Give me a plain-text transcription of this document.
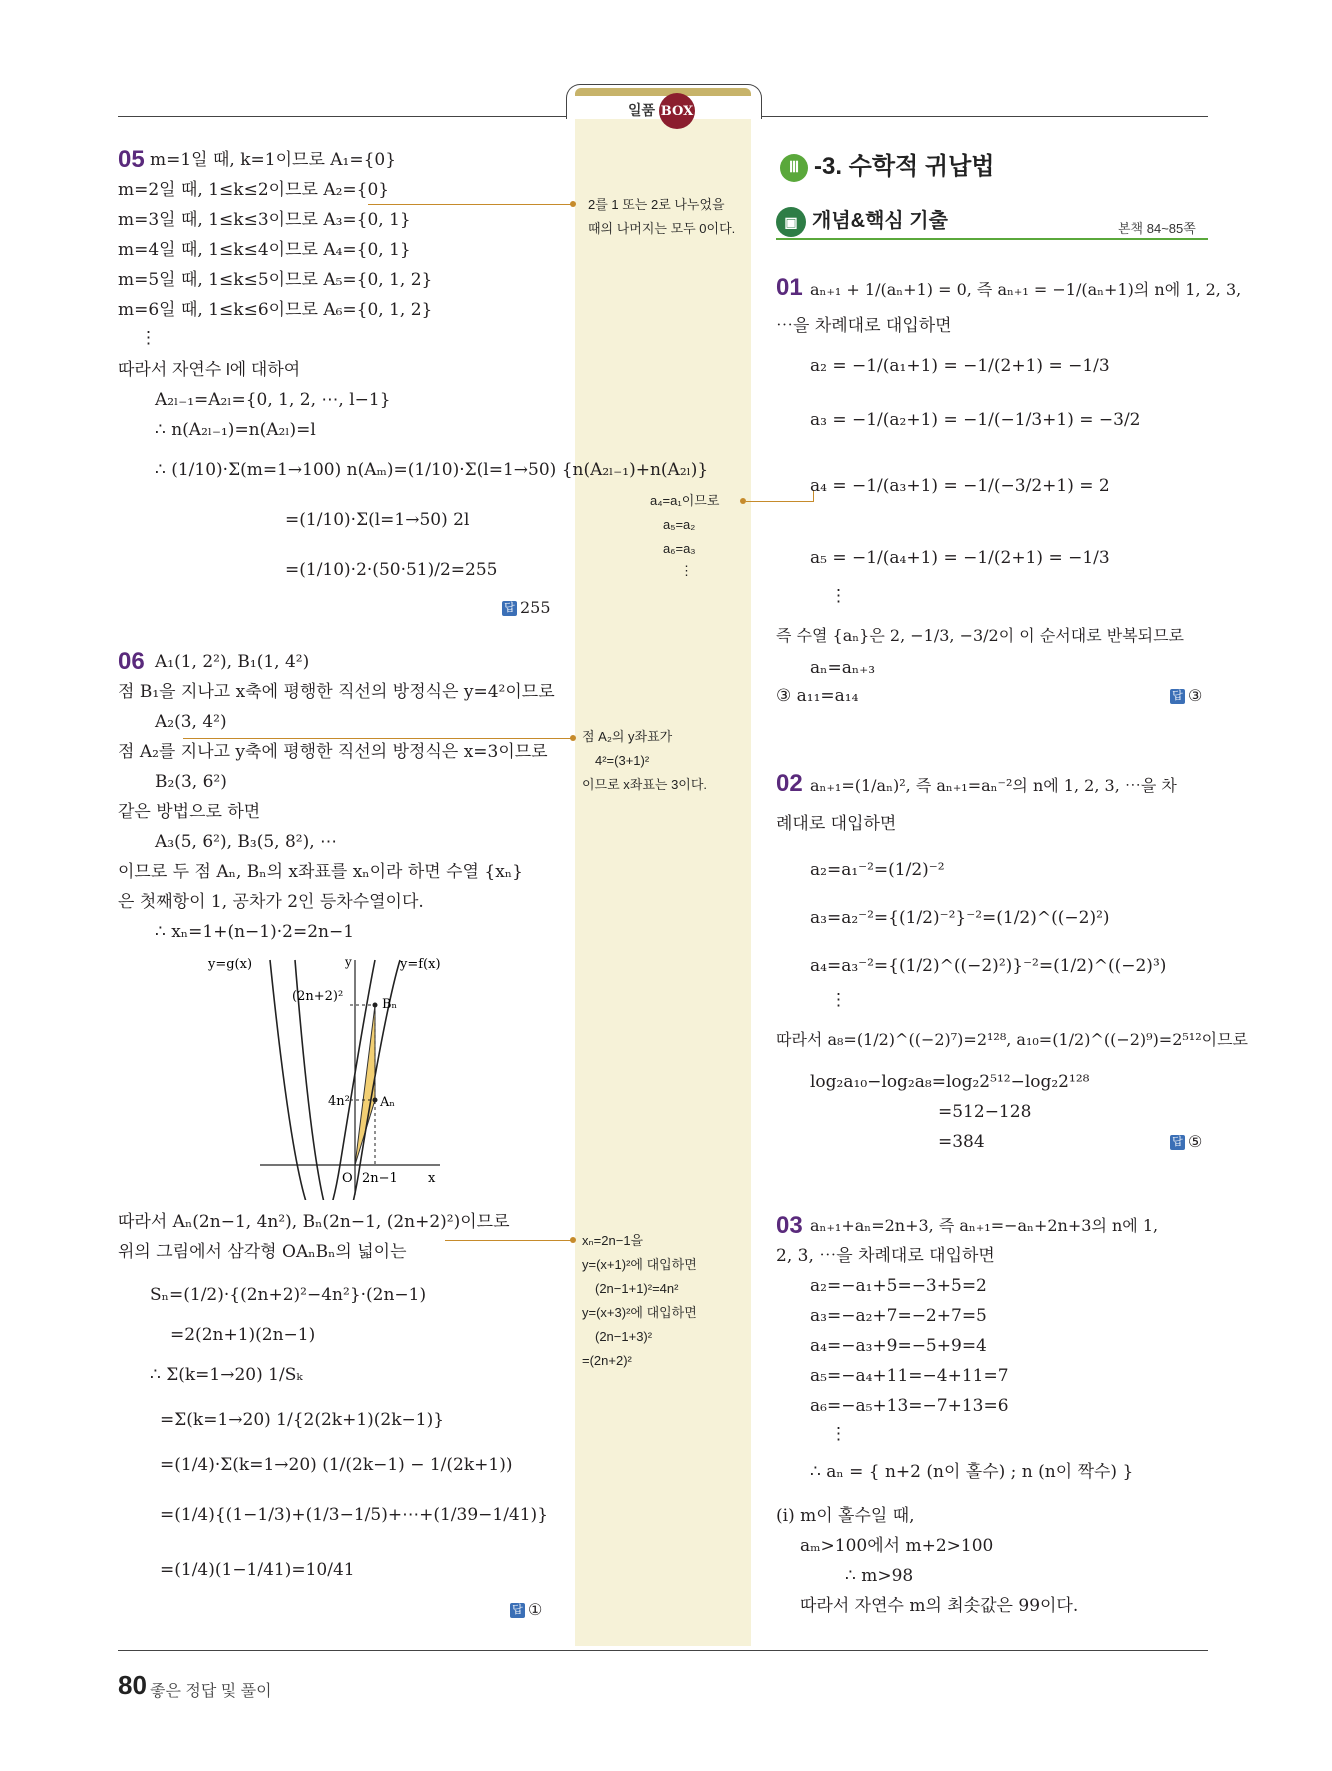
일품 BOX
05 m=1일 때, k=1이므로 A₁={0}
m=2일 때, 1≤k≤2이므로 A₂={0}
m=3일 때, 1≤k≤3이므로 A₃={0, 1}
m=4일 때, 1≤k≤4이므로 A₄={0, 1}
m=5일 때, 1≤k≤5이므로 A₅={0, 1, 2}
m=6일 때, 1≤k≤6이므로 A₆={0, 1, 2}
⋮
따라서 자연수 l에 대하여
A₂ₗ₋₁=A₂ₗ={0, 1, 2, ⋯, l−1}
∴ n(A₂ₗ₋₁)=n(A₂ₗ)=l
∴ (1/10)·Σ(m=1→100) n(Aₘ)=(1/10)·Σ(l=1→50) {n(A₂ₗ₋₁)+n(A₂ₗ)}
=(1/10)·Σ(l=1→50) 2l
=(1/10)·2·(50·51)/2=255
답 255
06 A₁(1, 2²), B₁(1, 4²)
점 B₁을 지나고 x축에 평행한 직선의 방정식은 y=4²이므로
A₂(3, 4²)
점 A₂를 지나고 y축에 평행한 직선의 방정식은 x=3이므로
B₂(3, 6²)
같은 방법으로 하면
A₃(5, 6²), B₃(5, 8²), ⋯
이므로 두 점 Aₙ, Bₙ의 x좌표를 xₙ이라 하면 수열 {xₙ}
은 첫째항이 1, 공차가 2인 등차수열이다.
∴ xₙ=1+(n−1)·2=2n−1
y=g(x)	y=f(x)
y
x
O 2n−1
(2n+2)²
4n²
Bₙ
Aₙ
따라서 Aₙ(2n−1, 4n²), Bₙ(2n−1, (2n+2)²)이므로
위의 그림에서 삼각형 OAₙBₙ의 넓이는
Sₙ=(1/2)·{(2n+2)²−4n²}·(2n−1)
=2(2n+1)(2n−1)
∴ Σ(k=1→20) 1/Sₖ
=Σ(k=1→20) 1/{2(2k+1)(2k−1)}
=(1/4)·Σ(k=1→20) (1/(2k−1) − 1/(2k+1))
=(1/4){(1−1/3)+(1/3−1/5)+⋯+(1/39−1/41)}
=(1/4)(1−1/41)=10/41
답 ①
2를 1 또는 2로 나누었을
때의 나머지는 모두 0이다.
a₄=a₁이므로
a₅=a₂
a₆=a₃
⋮
점 A₂의 y좌표가
4²=(3+1)²
이므로 x좌표는 3이다.
xₙ=2n−1을
y=(x+1)²에 대입하면
(2n−1+1)²=4n²
y=(x+3)²에 대입하면
(2n−1+3)²
=(2n+2)²
Ⅲ -3. 수학적 귀납법
▣ 개념&핵심 기출	본책 84~85쪽
01 aₙ₊₁ + 1/(aₙ+1) = 0, 즉 aₙ₊₁ = −1/(aₙ+1)의 n에 1, 2, 3,
⋯을 차례대로 대입하면
a₂ = −1/(a₁+1) = −1/(2+1) = −1/3
a₃ = −1/(a₂+1) = −1/(−1/3+1) = −3/2
a₄ = −1/(a₃+1) = −1/(−3/2+1) = 2
a₅ = −1/(a₄+1) = −1/(2+1) = −1/3
⋮
즉 수열 {aₙ}은 2, −1/3, −3/2이 이 순서대로 반복되므로
aₙ=aₙ₊₃
③ a₁₁=a₁₄	답 ③
02 aₙ₊₁=(1/aₙ)², 즉 aₙ₊₁=aₙ⁻²의 n에 1, 2, 3, ⋯을 차
례대로 대입하면
a₂=a₁⁻²=(1/2)⁻²
a₃=a₂⁻²={(1/2)⁻²}⁻²=(1/2)^((−2)²)
a₄=a₃⁻²={(1/2)^((−2)²)}⁻²=(1/2)^((−2)³)
⋮
따라서 a₈=(1/2)^((−2)⁷)=2¹²⁸, a₁₀=(1/2)^((−2)⁹)=2⁵¹²이므로
log₂a₁₀−log₂a₈=log₂2⁵¹²−log₂2¹²⁸
=512−128
=384	답 ⑤
03 aₙ₊₁+aₙ=2n+3, 즉 aₙ₊₁=−aₙ+2n+3의 n에 1,
2, 3, ⋯을 차례대로 대입하면
a₂=−a₁+5=−3+5=2
a₃=−a₂+7=−2+7=5
a₄=−a₃+9=−5+9=4
a₅=−a₄+11=−4+11=7
a₆=−a₅+13=−7+13=6
⋮
∴ aₙ = { n+2 (n이 홀수) ; n (n이 짝수) }
(ⅰ) m이 홀수일 때,
aₘ>100에서 m+2>100
∴ m>98
따라서 자연수 m의 최솟값은 99이다.
80 좋은 정답 및 풀이
